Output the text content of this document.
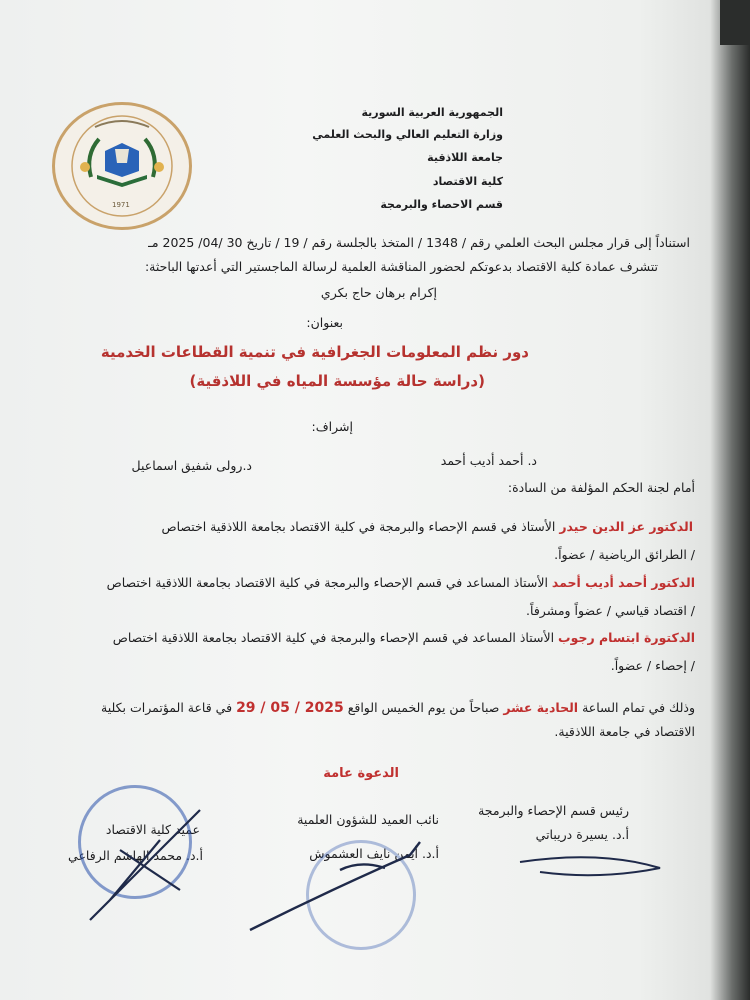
الجمهورية العربية السورية
وزارة التعليم العالي والبحث العلمي
جامعة اللاذقية
كلية الاقتصاد
قسم الاحصاء والبرمجة
1971
استناداً إلى قرار مجلس البحث العلمي رقم / 1348 / المتخذ بالجلسة رقم / 19 / تاريخ 30 /04/ 2025 مـ
تتشرف عمادة كلية الاقتصاد بدعوتكم لحضور المناقشة العلمية لرسالة الماجستير التي أعدتها الباحثة:
إكرام برهان حاج بكري
بعنوان:
دور نظم المعلومات الجغرافية في تنمية القطاعات الخدمية
(دراسة حالة مؤسسة المياه في اللاذقية)
إشراف:
د. أحمد أديب أحمد
د.رولى شفيق اسماعيل
أمام لجنة الحكم المؤلفة من السادة:
الدكتور عز الدين حيدر الأستاذ في قسم الإحصاء والبرمجة في كلية الاقتصاد بجامعة اللاذقية اختصاص
/ الطرائق الرياضية / عضواً.
الدكتور أحمد أديب أحمد الأستاذ المساعد في قسم الإحصاء والبرمجة في كلية الاقتصاد بجامعة اللاذقية اختصاص
/ اقتصاد قياسي / عضواً ومشرفاً.
الدكتورة ابتسام رجوب الأستاذ المساعد في قسم الإحصاء والبرمجة في كلية الاقتصاد بجامعة اللاذقية اختصاص
/ إحصاء / عضواً.
وذلك في تمام الساعة الحادية عشر صباحاً من يوم الخميس الواقع 29 / 05 / 2025 في قاعة المؤتمرات بكلية
الاقتصاد في جامعة اللاذقية.
الدعوة عامة
رئيس قسم الإحصاء والبرمجة
أ.د. يسيرة دريباتي
نائب العميد للشؤون العلمية
أ.د. أيمن نايف العشموش
عميد كلية الاقتصاد
أ.د. محمد الهاشم الرفاعي
